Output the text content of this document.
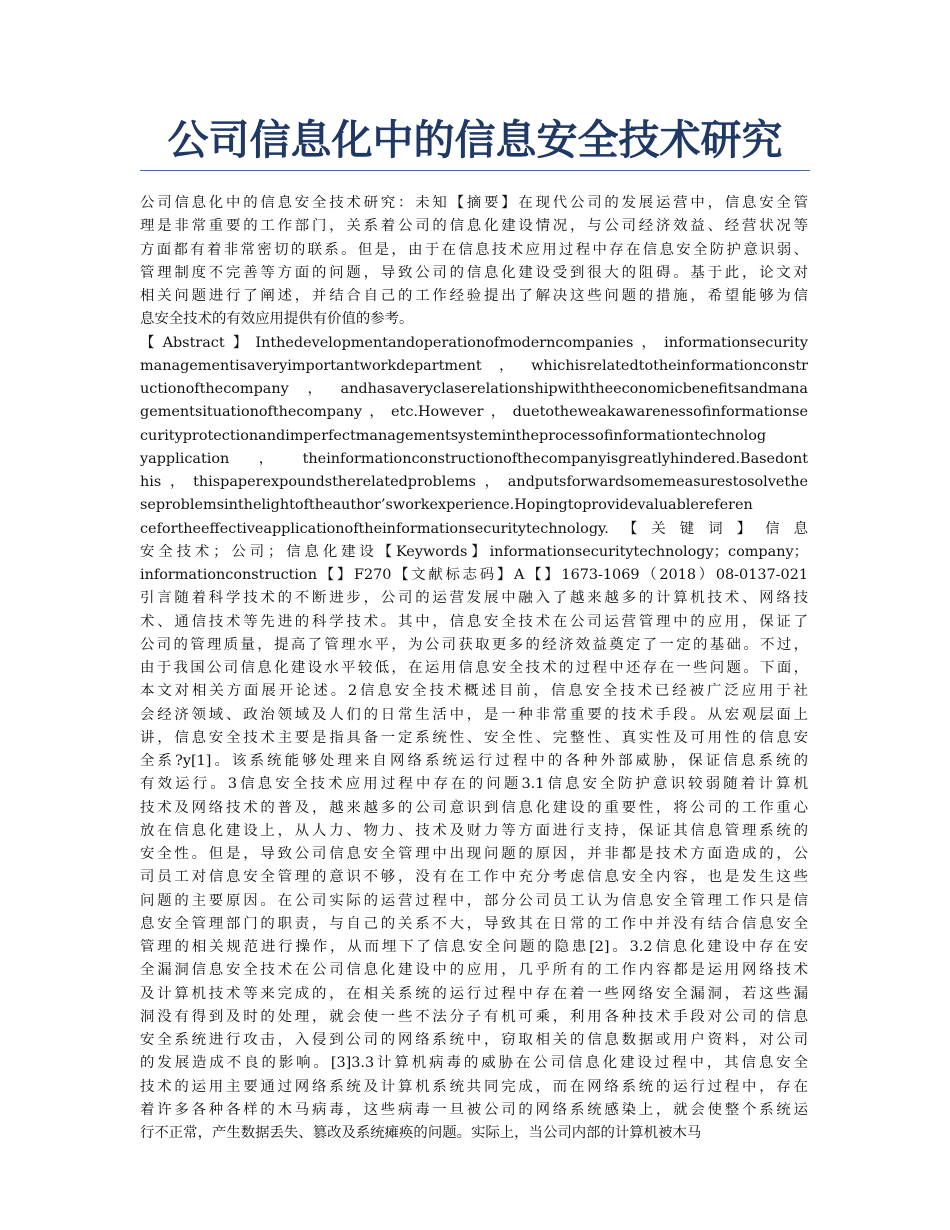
公司信息化中的信息安全技术研究
公司信息化中的信息安全技术研究：未知【摘要】在现代公司的发展运营中，信息安全管
理是非常重要的工作部门，关系着公司的信息化建设情况，与公司经济效益、经营状况等
方面都有着非常密切的联系。但是，由于在信息技术应用过程中存在信息安全防护意识弱、
管理制度不完善等方面的问题，导致公司的信息化建设受到很大的阻碍。基于此，论文对
相关问题进行了阐述，并结合自己的工作经验提出了解决这些问题的措施，希望能够为信
息安全技术的有效应用提供有价值的参考。
【Abstract】Inthedevelopmentandoperationofmoderncompanies，informationsecurity
managementisaveryimportantworkdepartment，whichisrelatedtotheinformationconstr
uctionofthecompany，andhasaveryclaserelationshipwiththeeconomicbenefitsandmana
gementsituationofthecompany，etc.However，duetotheweakawarenessofinformationse
curityprotectionandimperfectmanagementsystemintheprocessofinformationtechnolog
yapplication，theinformationconstructionofthecompanyisgreatlyhindered.Basedont
his，thispaperexpoundstherelatedproblems，andputsforwardsomemeasurestosolvethe
seproblemsinthelightoftheauthor’sworkexperience.Hopingtoprovidevaluablereferen
cefortheeffectiveapplicationoftheinformationsecuritytechnology.【关键词】信息
安全技术；公司；信息化建设【Keywords】informationsecuritytechnology；company；
informationconstruction【】F270【文献标志码】A【】1673-1069（2018）08-0137-021
引言随着科学技术的不断进步，公司的运营发展中融入了越来越多的计算机技术、网络技
术、通信技术等先进的科学技术。其中，信息安全技术在公司运营管理中的应用，保证了
公司的管理质量，提高了管理水平，为公司获取更多的经济效益奠定了一定的基础。不过，
由于我国公司信息化建设水平较低，在运用信息安全技术的过程中还存在一些问题。下面，
本文对相关方面展开论述。2信息安全技术概述目前，信息安全技术已经被广泛应用于社
会经济领域、政治领域及人们的日常生活中，是一种非常重要的技术手段。从宏观层面上
讲，信息安全技术主要是指具备一定系统性、安全性、完整性、真实性及可用性的信息安
全系?y[1]。该系统能够处理来自网络系统运行过程中的各种外部威胁，保证信息系统的
有效运行。3信息安全技术应用过程中存在的问题3.1信息安全防护意识较弱随着计算机
技术及网络技术的普及，越来越多的公司意识到信息化建设的重要性，将公司的工作重心
放在信息化建设上，从人力、物力、技术及财力等方面进行支持，保证其信息管理系统的
安全性。但是，导致公司信息安全管理中出现问题的原因，并非都是技术方面造成的，公
司员工对信息安全管理的意识不够，没有在工作中充分考虑信息安全内容，也是发生这些
问题的主要原因。在公司实际的运营过程中，部分公司员工认为信息安全管理工作只是信
息安全管理部门的职责，与自己的关系不大，导致其在日常的工作中并没有结合信息安全
管理的相关规范进行操作，从而埋下了信息安全问题的隐患[2]。3.2信息化建设中存在安
全漏洞信息安全技术在公司信息化建设中的应用，几乎所有的工作内容都是运用网络技术
及计算机技术等来完成的，在相关系统的运行过程中存在着一些网络安全漏洞，若这些漏
洞没有得到及时的处理，就会使一些不法分子有机可乘，利用各种技术手段对公司的信息
安全系统进行攻击，入侵到公司的网络系统中，窃取相关的信息数据或用户资料，对公司
的发展造成不良的影响。[3]3.3计算机病毒的威胁在公司信息化建设过程中，其信息安全
技术的运用主要通过网络系统及计算机系统共同完成，而在网络系统的运行过程中，存在
着许多各种各样的木马病毒，这些病毒一旦被公司的网络系统感染上，就会使整个系统运
行不正常，产生数据丢失、篡改及系统瘫痪的问题。实际上，当公司内部的计算机被木马
